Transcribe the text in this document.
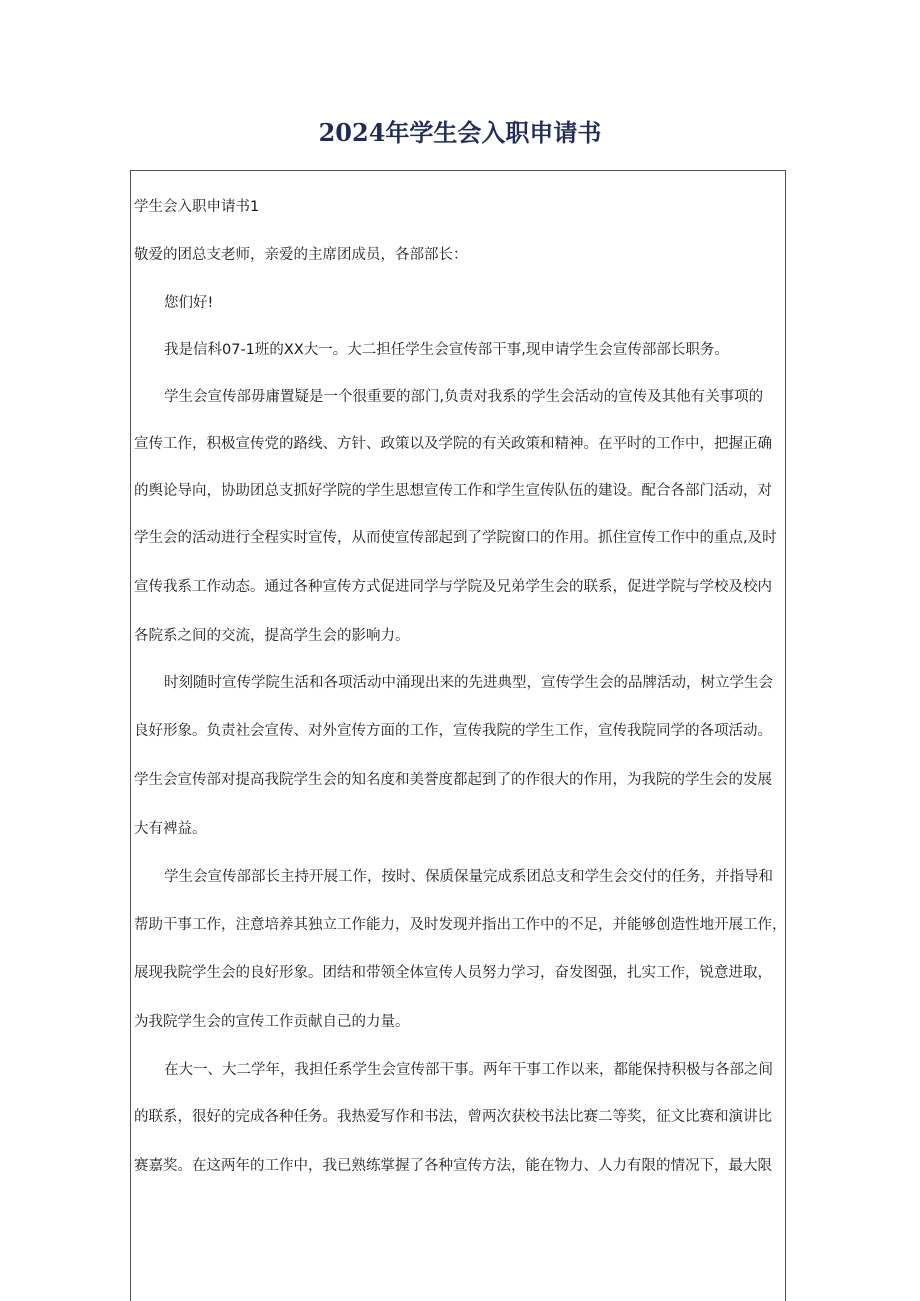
2024年学生会入职申请书
学生会入职申请书1
敬爱的团总支老师，亲爱的主席团成员，各部部长：
您们好!
我是信科07-1班的XX大一。大二担任学生会宣传部干事,现申请学生会宣传部部长职务。
学生会宣传部毋庸置疑是一个很重要的部门,负责对我系的学生会活动的宣传及其他有关事项的
宣传工作，积极宣传党的路线、方针、政策以及学院的有关政策和精神。在平时的工作中，把握正确
的舆论导向，协助团总支抓好学院的学生思想宣传工作和学生宣传队伍的建设。配合各部门活动，对
学生会的活动进行全程实时宣传，从而使宣传部起到了学院窗口的作用。抓住宣传工作中的重点,及时
宣传我系工作动态。通过各种宣传方式促进同学与学院及兄弟学生会的联系，促进学院与学校及校内
各院系之间的交流，提高学生会的影响力。
时刻随时宣传学院生活和各项活动中涌现出来的先进典型，宣传学生会的品牌活动，树立学生会
良好形象。负责社会宣传、对外宣传方面的工作，宣传我院的学生工作，宣传我院同学的各项活动。
学生会宣传部对提高我院学生会的知名度和美誉度都起到了的作很大的作用，为我院的学生会的发展
大有裨益。
学生会宣传部部长主持开展工作，按时、保质保量完成系团总支和学生会交付的任务，并指导和
帮助干事工作，注意培养其独立工作能力，及时发现并指出工作中的不足，并能够创造性地开展工作，
展现我院学生会的良好形象。团结和带领全体宣传人员努力学习，奋发图强，扎实工作，锐意进取，
为我院学生会的宣传工作贡献自己的力量。
在大一、大二学年，我担任系学生会宣传部干事。两年干事工作以来，都能保持积极与各部之间
的联系，很好的完成各种任务。我热爱写作和书法，曾两次获校书法比赛二等奖，征文比赛和演讲比
赛嘉奖。在这两年的工作中，我已熟练掌握了各种宣传方法，能在物力、人力有限的情况下，最大限
